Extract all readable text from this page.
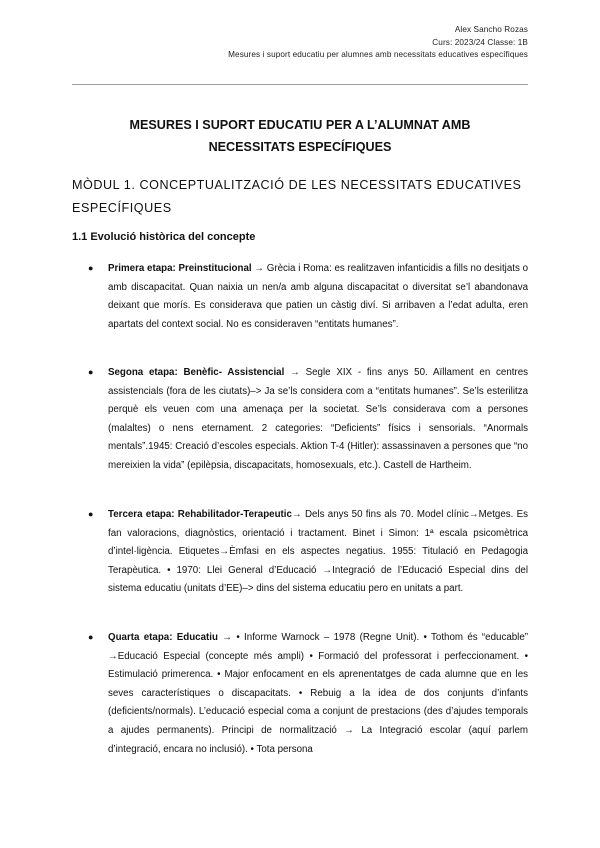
Alex Sancho Rozas
Curs: 2023/24 Classe: 1B
Mesures i suport educatiu per alumnes amb necessitats educatives específiques
MESURES I SUPORT EDUCATIU PER A L’ALUMNAT AMB
NECESSITATS ESPECÍFIQUES
MÒDUL 1. CONCEPTUALITZACIÓ DE LES NECESSITATS EDUCATIVES ESPECÍFIQUES
1.1 Evolució històrica del concepte
● Primera etapa: Preinstitucional → Grècia i Roma: es realitzaven infanticidis a fills no desitjats o amb discapacitat. Quan naixia un nen/a amb alguna discapacitat o diversitat se’l abandonava deixant que morís. Es considerava que patien un càstig diví. Si arribaven a l’edat adulta, eren apartats del context social. No es consideraven “entitats humanes”.
● Segona etapa: Benèfic- Assistencial → Segle XIX - fins anys 50. Aïllament en centres assistencials (fora de les ciutats)–> Ja se’ls considera com a “entitats humanes”. Se’ls esterilitza perquè els veuen com una amenaça per la societat. Se’ls considerava com a persones (malaltes) o nens eternament. 2 categories: “Deficients” físics i sensorials. “Anormals mentals”.1945: Creació d’escoles especials. Aktion T-4 (Hitler): assassinaven a persones que “no mereixien la vida” (epilèpsia, discapacitats, homosexuals, etc.). Castell de Hartheim.
● Tercera etapa: Rehabilitador-Terapeutic→ Dels anys 50 fins als 70. Model clínic→Metges. Es fan valoracions, diagnòstics, orientació i tractament. Binet i Simon: 1ª escala psicomètrica d’intel·ligència. Etiquetes→Èmfasi en els aspectes negatius. 1955: Titulació en Pedagogia Terapèutica. • 1970: Llei General d’Educació →Integració de l’Educació Especial dins del sistema educatiu (unitats d’EE)–> dins del sistema educatiu pero en unitats a part.
● Quarta etapa: Educatiu → • Informe Warnock – 1978 (Regne Unit). • Tothom és “educable” →Educació Especial (concepte més ampli) • Formació del professorat i perfeccionament. • Estimulació primerenca. • Major enfocament en els aprenentatges de cada alumne que en les seves característiques o discapacitats. • Rebuig a la idea de dos conjunts d’infants (deficients/normals). L’educació especial coma a conjunt de prestacions (des d’ajudes temporals a ajudes permanents). Principi de normalització → La Integració escolar (aquí parlem d’integració, encara no inclusió). • Tota persona
